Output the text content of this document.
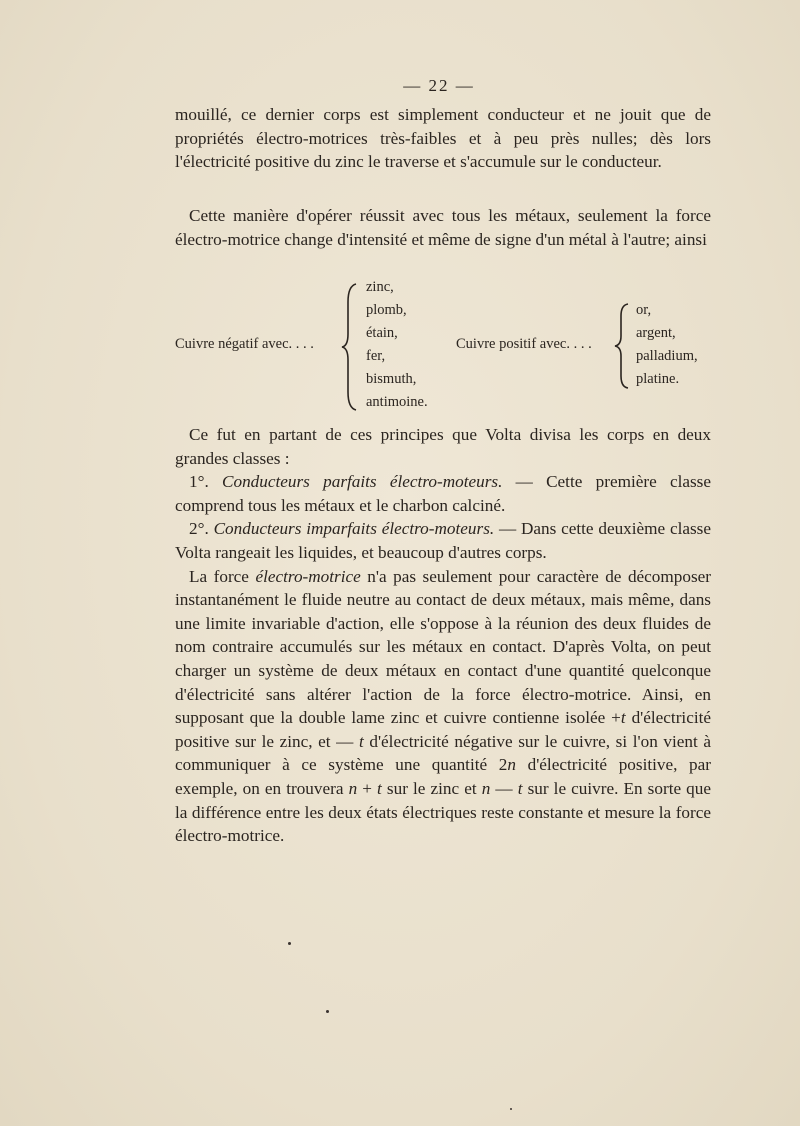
— 22 —

mouillé, ce dernier corps est simplement conducteur et ne jouit que de propriétés électro-motrices très-faibles et à peu près nulles; dès lors l'électricité positive du zinc le traverse et s'accumule sur le conducteur.

Cette manière d'opérer réussit avec tous les métaux, seulement la force électro-motrice change d'intensité et même de signe d'un métal à l'autre; ainsi

Cuivre négatif avec. . . .
zinc,
plomb,
étain,
fer,
bismuth,
antimoine.
Cuivre positif avec. . . .
or,
argent,
palladium,
platine.

Ce fut en partant de ces principes que Volta divisa les corps en deux grandes classes :

1°. Conducteurs parfaits électro-moteurs. — Cette première classe comprend tous les métaux et le charbon calciné.

2°. Conducteurs imparfaits électro-moteurs. — Dans cette deuxième classe Volta rangeait les liquides, et beaucoup d'autres corps.

La force électro-motrice n'a pas seulement pour caractère de décomposer instantanément le fluide neutre au contact de deux métaux, mais même, dans une limite invariable d'action, elle s'oppose à la réunion des deux fluides de nom contraire accumulés sur les métaux en contact. D'après Volta, on peut charger un système de deux métaux en contact d'une quantité quelconque d'électricité sans altérer l'action de la force électro-motrice. Ainsi, en supposant que la double lame zinc et cuivre contienne isolée +t d'électricité positive sur le zinc, et — t d'électricité négative sur le cuivre, si l'on vient à communiquer à ce système une quantité 2n d'électricité positive, par exemple, on en trouvera n + t sur le zinc et n — t sur le cuivre. En sorte que la différence entre les deux états électriques reste constante et mesure la force électro-motrice.
